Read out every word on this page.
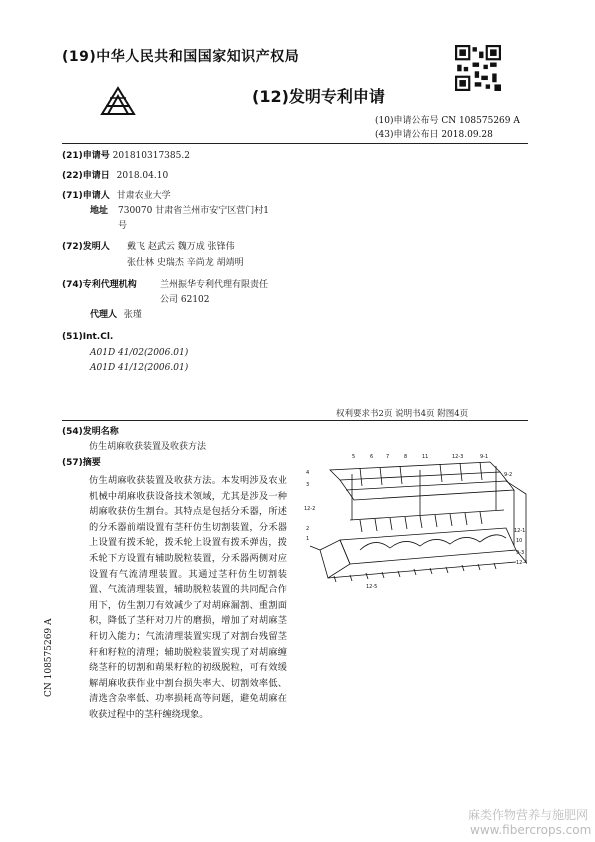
(19)中华人民共和国国家知识产权局
(12)发明专利申请
(10)申请公布号 CN 108575269 A
(43)申请公布日 2018.09.28
(21)申请号 201810317385.2
(22)申请日 2018.04.10
(71)申请人 甘肃农业大学
地址 730070 甘肃省兰州市安宁区营门村1
号
(72)发明人 戴飞 赵武云 魏万成 张锋伟
张仕林 史瑞杰 辛尚龙 胡靖明
(74)专利代理机构	兰州振华专利代理有限责任
公司 62102
代理人 张瑾
(51)Int.Cl.
A01D 41/02(2006.01)
A01D 41/12(2006.01)
权利要求书2页 说明书4页 附图4页
(54)发明名称
仿生胡麻收获装置及收获方法
(57)摘要
仿生胡麻收获装置及收获方法。本发明涉及农业机械中胡麻收获设备技术领域，尤其是涉及一种胡麻收获仿生割台。其特点是包括分禾器，所述的分禾器前端设置有茎秆仿生切割装置，分禾器上设置有拨禾轮，拨禾轮上设置有拨禾弹齿，拨禾轮下方设置有辅助脱粒装置，分禾器两侧对应设置有气流清理装置。其通过茎秆仿生切割装置、气流清理装置，辅助脱粒装置的共同配合作用下，仿生割刀有效减少了对胡麻漏割、重割面积，降低了茎秆对刀片的磨损，增加了对胡麻茎秆切入能力；气流清理装置实现了对割台残留茎秆和籽粒的清理；辅助脱粒装置实现了对胡麻缠绕茎秆的切割和蒴果籽粒的初级脱粒，可有效缓解胡麻收获作业中割台损失率大、切割效率低、清选含杂率低、功率损耗高等问题，避免胡麻在收获过程中的茎秆缠绕现象。
4
3
5	6	7	8	11	12-3	9-1
9-2
12-2
2
1
12-1
10
9-3
12-4
12-5
CN 108575269 A
麻类作物营养与施肥网
www.fibercrops.com
